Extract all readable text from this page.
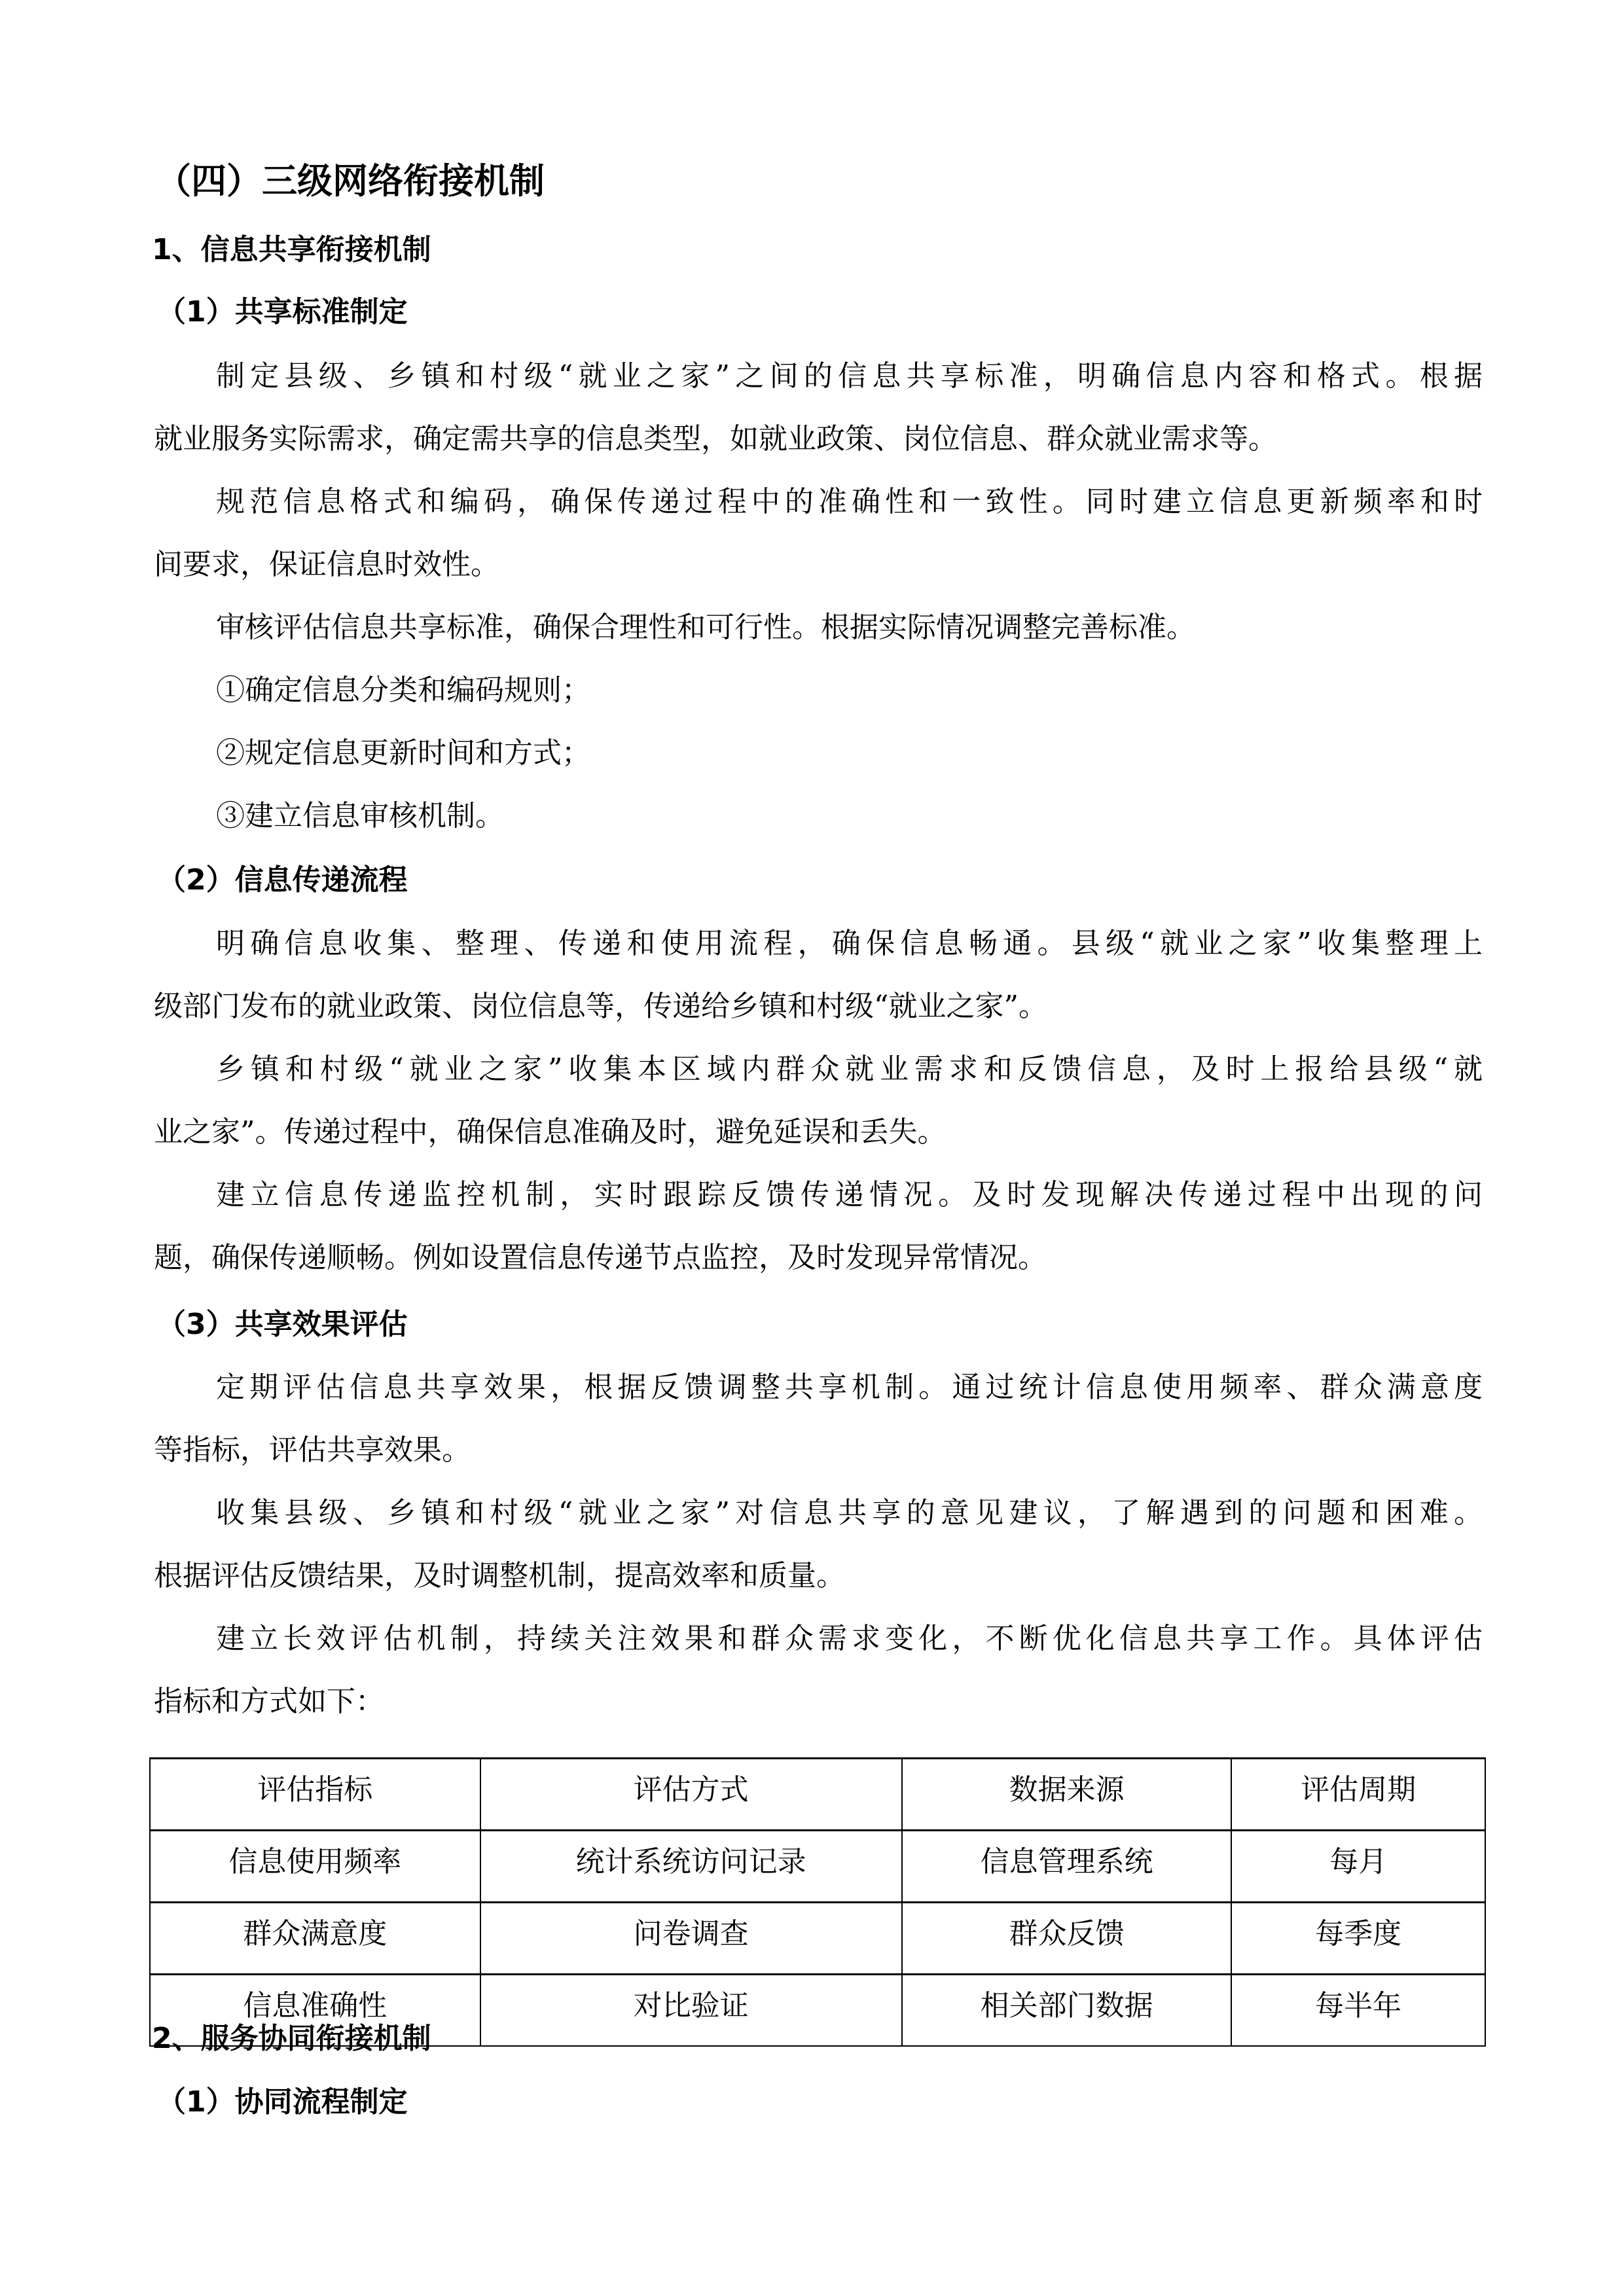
（四）三级网络衔接机制
1、信息共享衔接机制
（1）共享标准制定
制定县级、乡镇和村级“就业之家”之间的信息共享标准，明确信息内容和格式。根据
就业服务实际需求，确定需共享的信息类型，如就业政策、岗位信息、群众就业需求等。
规范信息格式和编码，确保传递过程中的准确性和一致性。同时建立信息更新频率和时
间要求，保证信息时效性。
审核评估信息共享标准，确保合理性和可行性。根据实际情况调整完善标准。
①确定信息分类和编码规则；
②规定信息更新时间和方式；
③建立信息审核机制。
（2）信息传递流程
明确信息收集、整理、传递和使用流程，确保信息畅通。县级“就业之家”收集整理上
级部门发布的就业政策、岗位信息等，传递给乡镇和村级“就业之家”。
乡镇和村级“就业之家”收集本区域内群众就业需求和反馈信息，及时上报给县级“就
业之家”。传递过程中，确保信息准确及时，避免延误和丢失。
建立信息传递监控机制，实时跟踪反馈传递情况。及时发现解决传递过程中出现的问
题，确保传递顺畅。例如设置信息传递节点监控，及时发现异常情况。
（3）共享效果评估
定期评估信息共享效果，根据反馈调整共享机制。通过统计信息使用频率、群众满意度
等指标，评估共享效果。
收集县级、乡镇和村级“就业之家”对信息共享的意见建议，了解遇到的问题和困难。
根据评估反馈结果，及时调整机制，提高效率和质量。
建立长效评估机制，持续关注效果和群众需求变化，不断优化信息共享工作。具体评估
指标和方式如下：
评估指标	评估方式	数据来源	评估周期
信息使用频率	统计系统访问记录	信息管理系统	每月
群众满意度	问卷调查	群众反馈	每季度
信息准确性	对比验证	相关部门数据	每半年
2、服务协同衔接机制
（1）协同流程制定
